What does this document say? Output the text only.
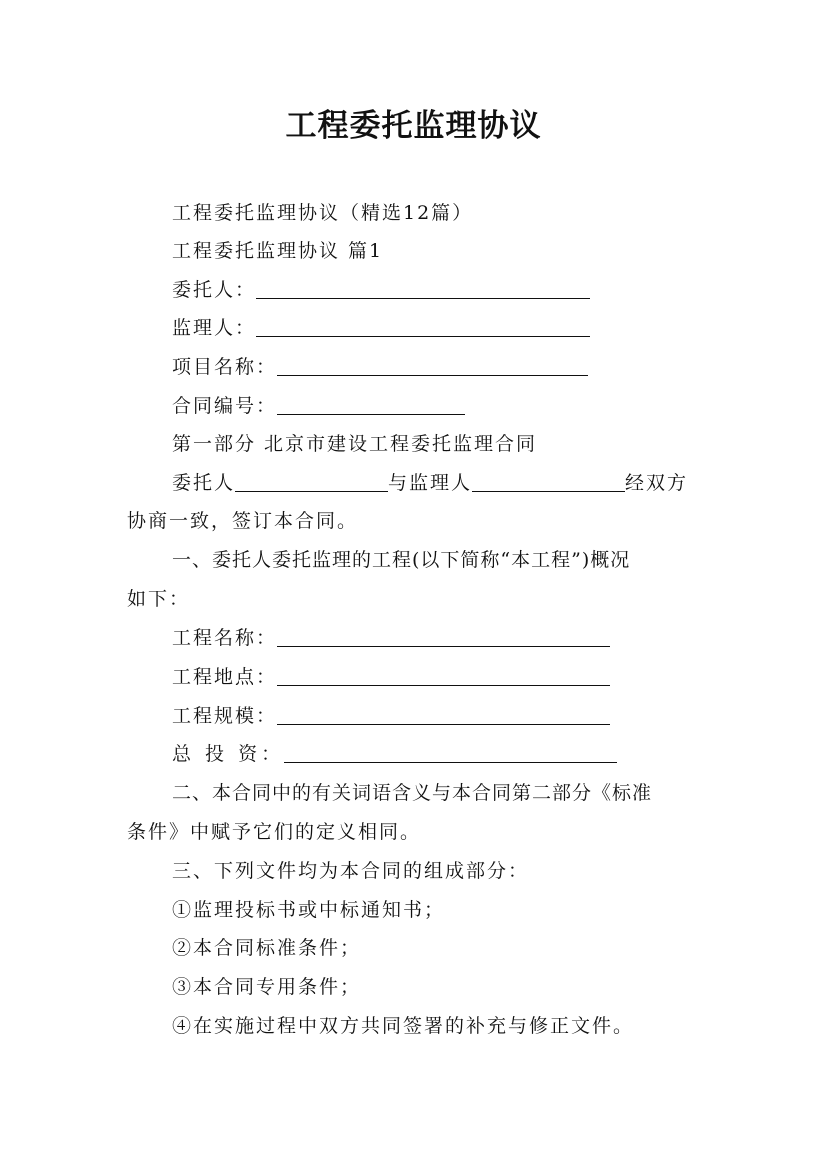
工程委托监理协议
工程委托监理协议（精选12篇）
工程委托监理协议 篇1
委托人：
监理人：
项目名称：
合同编号：
第一部分 北京市建设工程委托监理合同
委托人	与监理人	经双方
协商一致，签订本合同。
一、委托人委托监理的工程(以下简称“本工程”)概况
如下：
工程名称：
工程地点：
工程规模：
总 投 资：
二、本合同中的有关词语含义与本合同第二部分《标准
条件》中赋予它们的定义相同。
三、下列文件均为本合同的组成部分：
①监理投标书或中标通知书；
②本合同标准条件；
③本合同专用条件；
④在实施过程中双方共同签署的补充与修正文件。
